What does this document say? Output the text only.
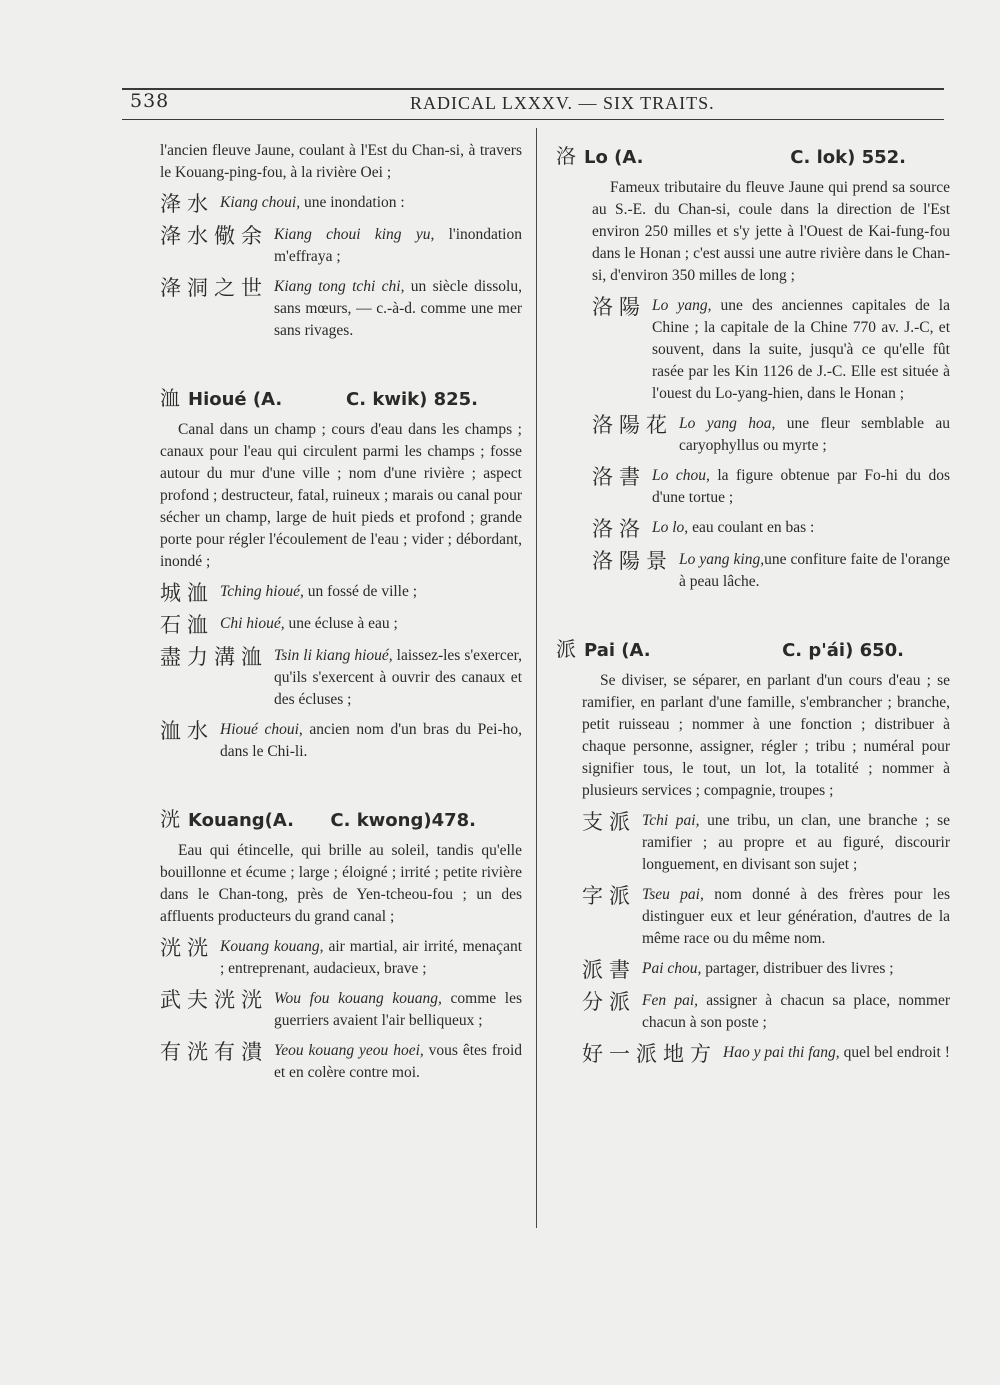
538	RADICAL LXXXV. — SIX TRAITS.

l'ancien fleuve Jaune, coulant à l'Est du Chan-si, à travers le Kouang-ping-fou, à la rivière Oei ;

洚水 Kiang choui, une inondation :
洚水儆余 Kiang choui king yu, l'inondation m'effraya ;
洚洞之世 Kiang tong tchi chi, un siècle dissolu, sans mœurs, — c.-à-d. comme une mer sans rivages.
洫 Hioué (A.	C. kwik) 825.

Canal dans un champ ; cours d'eau dans les champs ; canaux pour l'eau qui circulent parmi les champs ; fosse autour du mur d'une ville ; nom d'une rivière ; aspect profond ; destructeur, fatal, ruineux ; marais ou canal pour sécher un champ, large de huit pieds et profond ; grande porte pour régler l'écoulement de l'eau ; vider ; débordant, inondé ;

城洫 Tching hioué, un fossé de ville ;
石洫 Chi hioué, une écluse à eau ;
盡力溝洫 Tsin li kiang hioué, laissez-les s'exercer, qu'ils s'exercent à ouvrir des canaux et des écluses ;
洫水 Hioué choui, ancien nom d'un bras du Pei-ho, dans le Chi-li.
洸 Kouang(A. C. kwong)478.

Eau qui étincelle, qui brille au soleil, tandis qu'elle bouillonne et écume ; large ; éloigné ; irrité ; petite rivière dans le Chan-tong, près de Yen-tcheou-fou ; un des affluents producteurs du grand canal ;

洸洸 Kouang kouang, air martial, air irrité, menaçant ; entreprenant, audacieux, brave ;
武夫洸洸 Wou fou kouang kouang, comme les guerriers avaient l'air belliqueux ;
有洸有潰 Yeou kouang yeou hoei, vous êtes froid et en colère contre moi.
洛 Lo (A.	C. lok) 552.

Fameux tributaire du fleuve Jaune qui prend sa source au S.-E. du Chan-si, coule dans la direction de l'Est environ 250 milles et s'y jette à l'Ouest de Kai-fung-fou dans le Honan ; c'est aussi une autre rivière dans le Chan-si, d'environ 350 milles de long ;

洛陽 Lo yang, une des anciennes capitales de la Chine ; la capitale de la Chine 770 av. J.-C, et souvent, dans la suite, jusqu'à ce qu'elle fût rasée par les Kin 1126 de J.-C. Elle est située à l'ouest du Lo-yang-hien, dans le Honan ;
洛陽花 Lo yang hoa, une fleur semblable au caryophyllus ou myrte ;
洛書 Lo chou, la figure obtenue par Fo-hi du dos d'une tortue ;
洛洛 Lo lo, eau coulant en bas :
洛陽景 Lo yang king,une confiture faite de l'orange à peau lâche.
派 Pai (A.	C. p'ái) 650.

Se diviser, se séparer, en parlant d'un cours d'eau ; se ramifier, en parlant d'une famille, s'embrancher ; branche, petit ruisseau ; nommer à une fonction ; distribuer à chaque personne, assigner, régler ; tribu ; numéral pour signifier tous, le tout, un lot, la totalité ; nommer à plusieurs services ; compagnie, troupes ;

支派 Tchi pai, une tribu, un clan, une branche ; se ramifier ; au propre et au figuré, discourir longuement, en divisant son sujet ;
字派 Tseu pai, nom donné à des frères pour les distinguer eux et leur génération, d'autres de la même race ou du même nom.
派書 Pai chou, partager, distribuer des livres ;
分派 Fen pai, assigner à chacun sa place, nommer chacun à son poste ;
好一派地方 Hao y pai thi fang, quel bel endroit !
